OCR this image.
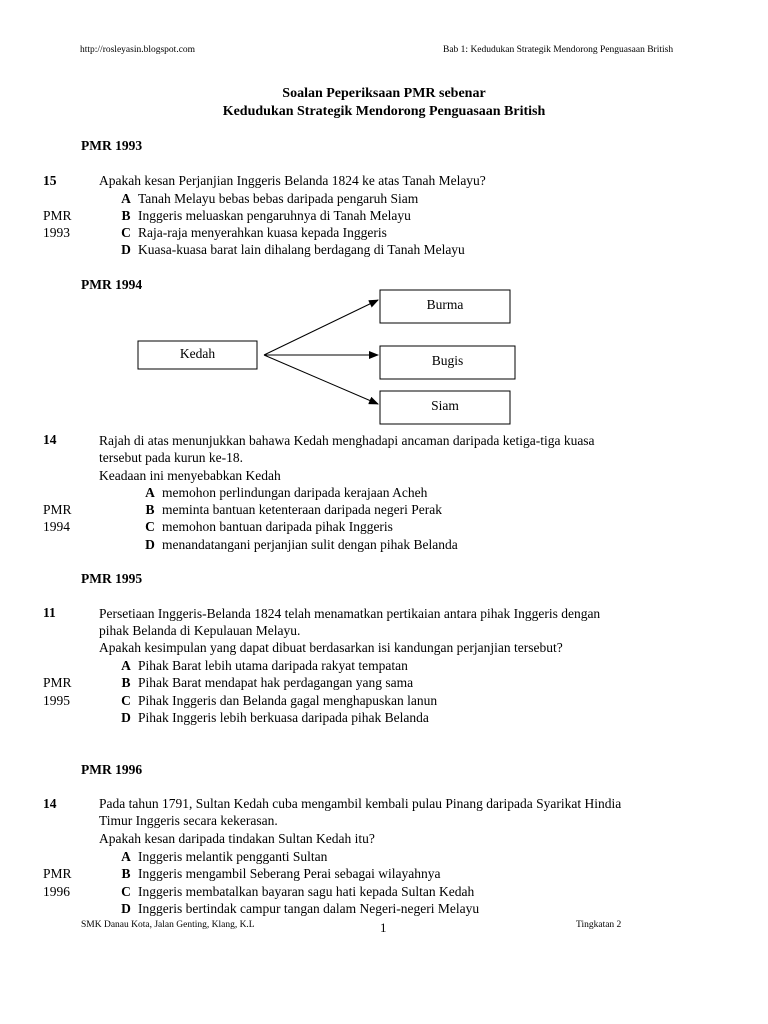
http://rosleyasin.blogspot.com	Bab 1: Kedudukan Strategik Mendorong Penguasaan British
Soalan Peperiksaan PMR sebenar
Kedudukan Strategik Mendorong Penguasaan British
PMR 1993
15
PMR
1993
Apakah kesan Perjanjian Inggeris Belanda 1824 ke atas Tanah Melayu?
A Tanah Melayu bebas bebas daripada pengaruh Siam
B Inggeris meluaskan pengaruhnya di Tanah Melayu
C Raja-raja menyerahkan kuasa kepada Inggeris
D Kuasa-kuasa barat lain dihalang berdagang di Tanah Melayu
PMR 1994
Kedah
Burma
Bugis
Siam
14
PMR
1994
Rajah di atas menunjukkan bahawa Kedah menghadapi ancaman daripada ketiga-tiga kuasa
tersebut pada kurun ke-18.
Keadaan ini menyebabkan Kedah
A memohon perlindungan daripada kerajaan Acheh
B meminta bantuan ketenteraan daripada negeri Perak
C memohon bantuan daripada pihak Inggeris
D menandatangani perjanjian sulit dengan pihak Belanda
PMR 1995
11
PMR
1995
Persetiaan Inggeris-Belanda 1824 telah menamatkan pertikaian antara pihak Inggeris dengan
pihak Belanda di Kepulauan Melayu.
Apakah kesimpulan yang dapat dibuat berdasarkan isi kandungan perjanjian tersebut?
A Pihak Barat lebih utama daripada rakyat tempatan
B Pihak Barat mendapat hak perdagangan yang sama
C Pihak Inggeris dan Belanda gagal menghapuskan lanun
D Pihak Inggeris lebih berkuasa daripada pihak Belanda
PMR 1996
14
PMR
1996
Pada tahun 1791, Sultan Kedah cuba mengambil kembali pulau Pinang daripada Syarikat Hindia
Timur Inggeris secara kekerasan.
Apakah kesan daripada tindakan Sultan Kedah itu?
A Inggeris melantik pengganti Sultan
B Inggeris mengambil Seberang Perai sebagai wilayahnya
C Inggeris membatalkan bayaran sagu hati kepada Sultan Kedah
D Inggeris bertindak campur tangan dalam Negeri-negeri Melayu
SMK Danau Kota, Jalan Genting, Klang, K.L	1	Tingkatan 2
